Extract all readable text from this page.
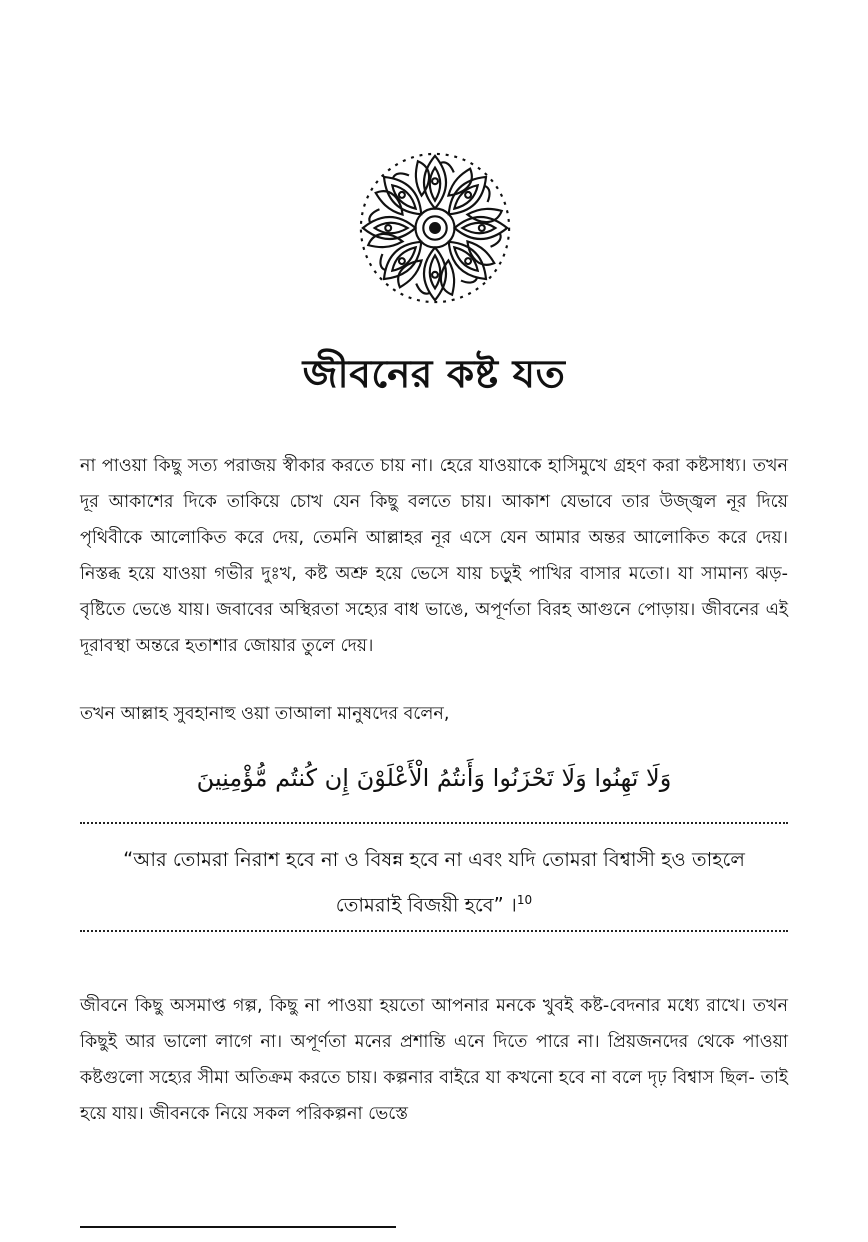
জীবনের কষ্ট যত

না পাওয়া কিছু সত্য পরাজয় স্বীকার করতে চায় না। হেরে যাওয়াকে হাসিমুখে গ্রহণ করা কষ্টসাধ্য। তখন দূর আকাশের দিকে তাকিয়ে চোখ যেন কিছু বলতে চায়। আকাশ যেভাবে তার উজ্জ্বল নূর দিয়ে পৃথিবীকে আলোকিত করে দেয়, তেমনি আল্লাহর নূর এসে যেন আমার অন্তর আলোকিত করে দেয়। নিস্তব্ধ হয়ে যাওয়া গভীর দুঃখ, কষ্ট অশ্রু হয়ে ভেসে যায় চড়ুই পাখির বাসার মতো। যা সামান্য ঝড়-বৃষ্টিতে ভেঙে যায়। জবাবের অস্থিরতা সহ্যের বাধ ভাঙে, অপূর্ণতা বিরহ আগুনে পোড়ায়। জীবনের এই দূরাবস্থা অন্তরে হতাশার জোয়ার তুলে দেয়।

তখন আল্লাহ সুবহানাহু ওয়া তাআলা মানুষদের বলেন,
وَلَا تَهِنُوا وَلَا تَحْزَنُوا وَأَنتُمُ الْأَعْلَوْنَ إِن كُنتُم مُّؤْمِنِينَ
“আর তোমরা নিরাশ হবে না ও বিষন্ন হবে না এবং যদি তোমরা বিশ্বাসী হও তাহলে
তোমরাই বিজয়ী হবে” ।$^{10}$

জীবনে কিছু অসমাপ্ত গল্প, কিছু না পাওয়া হয়তো আপনার মনকে খুবই কষ্ট-বেদনার মধ্যে রাখে। তখন কিছুই আর ভালো লাগে না। অপূর্ণতা মনের প্রশান্তি এনে দিতে পারে না। প্রিয়জনদের থেকে পাওয়া কষ্টগুলো সহ্যের সীমা অতিক্রম করতে চায়। কল্পনার বাইরে যা কখনো হবে না বলে দৃঢ় বিশ্বাস ছিল- তাই হয়ে যায়। জীবনকে নিয়ে সকল পরিকল্পনা ভেস্তে
